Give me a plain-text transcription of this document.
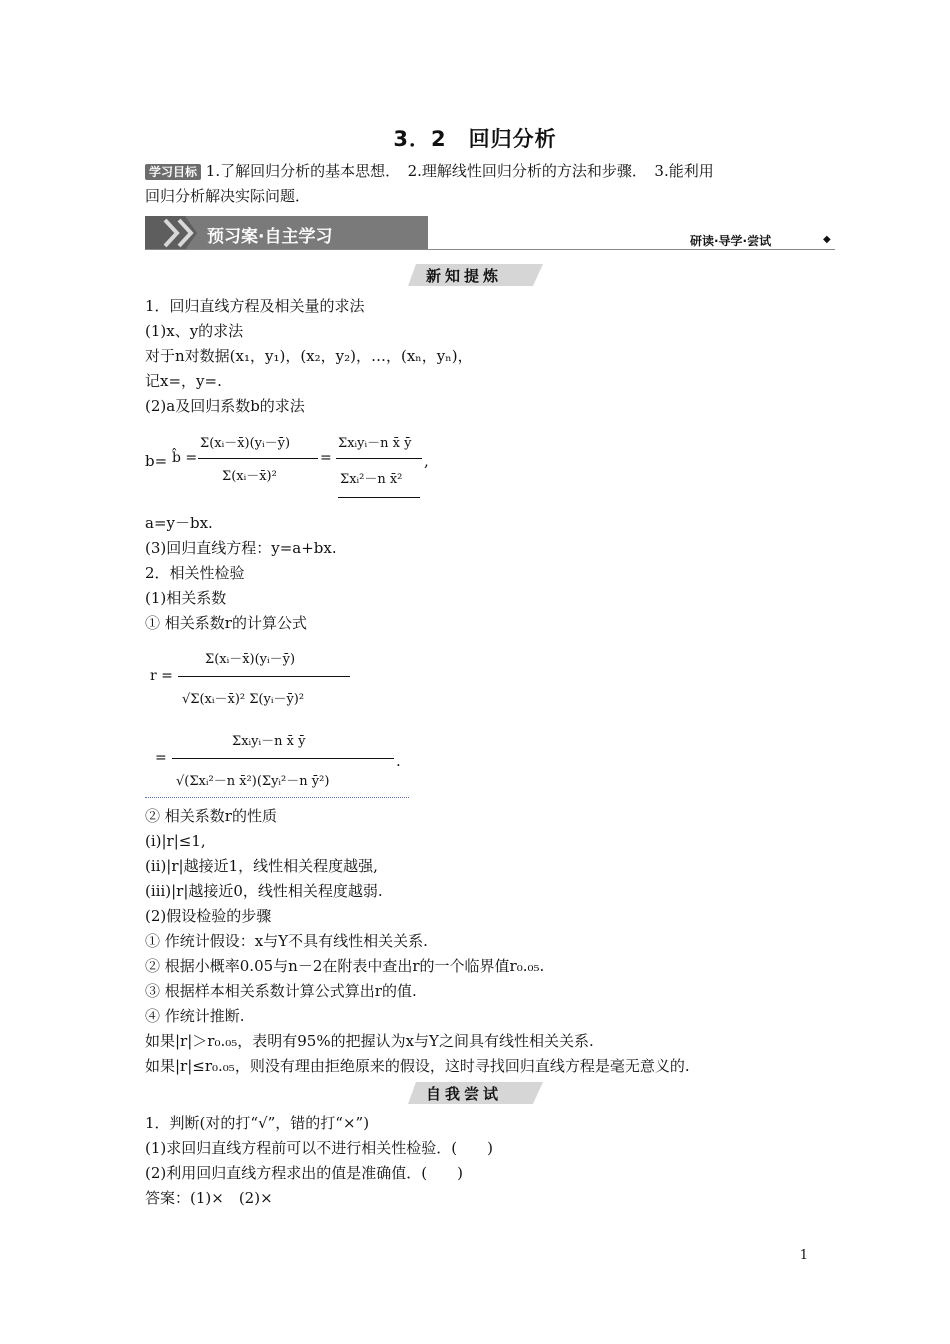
3．2　回归分析
学习目标 1.了解回归分析的基本思想．　2.理解线性回归分析的方法和步骤．　3.能利用
回归分析解决实际问题．
预习案·自主学习	研读·导学·尝试	◆
新知提炼
1．回归直线方程及相关量的求法
(1)x、y的求法
对于n对数据(x₁，y₁)，(x₂，y₂)，…，(xₙ，yₙ)，
记x=，y=.
(2)a及回归系数b的求法
b= b̂ =
Σ(xᵢ－x̄)(yᵢ－ȳ)
Σ(xᵢ－x̄)²
=
Σxᵢyᵢ－n x̄ ȳ
Σxᵢ²－n x̄²
,
a=y－bx.
(3)回归直线方程：y=a+bx.
2．相关性检验
(1)相关系数
① 相关系数r的计算公式
r =
Σ(xᵢ－x̄)(yᵢ－ȳ)
√Σ(xᵢ－x̄)² Σ(yᵢ－ȳ)²
=
Σxᵢyᵢ－n x̄ ȳ
√(Σxᵢ²－n x̄²)(Σyᵢ²－n ȳ²)
.
② 相关系数r的性质
(ⅰ)|r|≤1,
(ⅱ)|r|越接近1，线性相关程度越强,
(ⅲ)|r|越接近0，线性相关程度越弱.
(2)假设检验的步骤
① 作统计假设：x与Y不具有线性相关关系.
② 根据小概率0.05与n－2在附表中查出r的一个临界值r₀.₀₅.
③ 根据样本相关系数计算公式算出r的值.
④ 作统计推断.
如果|r|＞r₀.₀₅，表明有95%的把握认为x与Y之间具有线性相关关系.
如果|r|≤r₀.₀₅，则没有理由拒绝原来的假设，这时寻找回归直线方程是毫无意义的.
自我尝试
1．判断(对的打“√”，错的打“×”)
(1)求回归直线方程前可以不进行相关性检验．(　　)
(2)利用回归直线方程求出的值是准确值．(　　)
答案：(1)×　(2)×
1
